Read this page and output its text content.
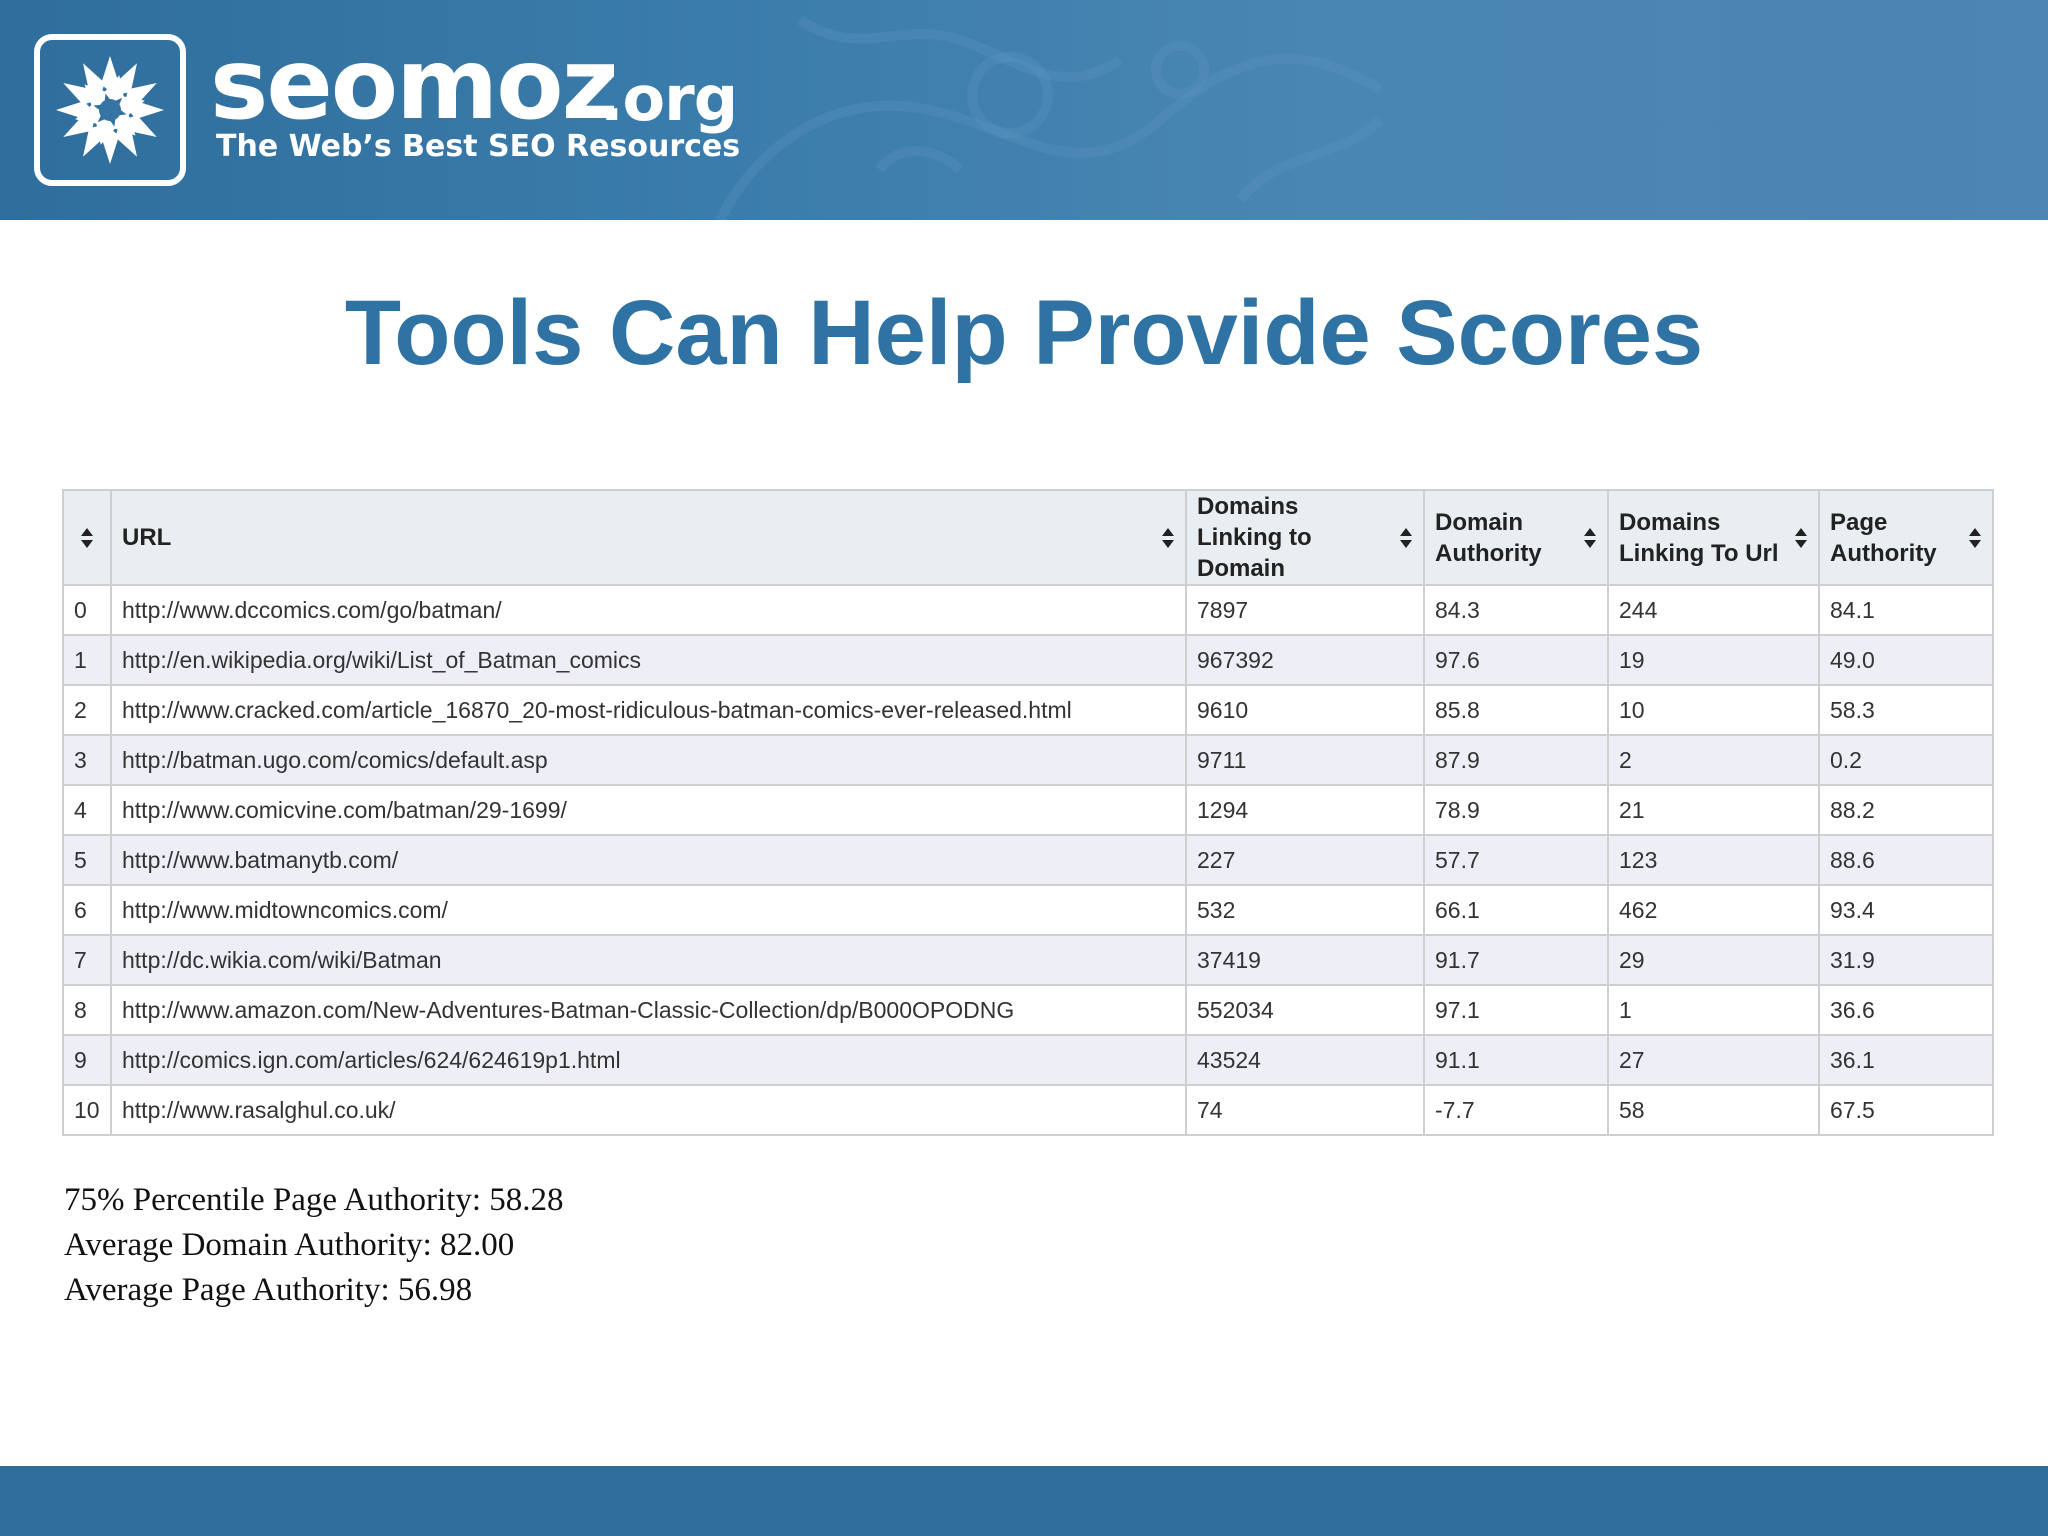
seomoz
.org
The Web’s Best SEO Resources
Tools Can Help Provide Scores
	URL	Domains Linking to Domain	Domain Authority	Domains Linking To Url	Page Authority

0	http://www.dccomics.com/go/batman/	7897	84.3	244	84.1
1	http://en.wikipedia.org/wiki/List_of_Batman_comics	967392	97.6	19	49.0
2	http://www.cracked.com/article_16870_20-most-ridiculous-batman-comics-ever-released.html	9610	85.8	10	58.3
3	http://batman.ugo.com/comics/default.asp	9711	87.9	2	0.2
4	http://www.comicvine.com/batman/29-1699/	1294	78.9	21	88.2
5	http://www.batmanytb.com/	227	57.7	123	88.6
6	http://www.midtowncomics.com/	532	66.1	462	93.4
7	http://dc.wikia.com/wiki/Batman	37419	91.7	29	31.9
8	http://www.amazon.com/New-Adventures-Batman-Classic-Collection/dp/B000OPODNG	552034	97.1	1	36.6
9	http://comics.ign.com/articles/624/624619p1.html	43524	91.1	27	36.1
10	http://www.rasalghul.co.uk/	74	-7.7	58	67.5
75% Percentile Page Authority: 58.28
Average Domain Authority: 82.00
Average Page Authority: 56.98
